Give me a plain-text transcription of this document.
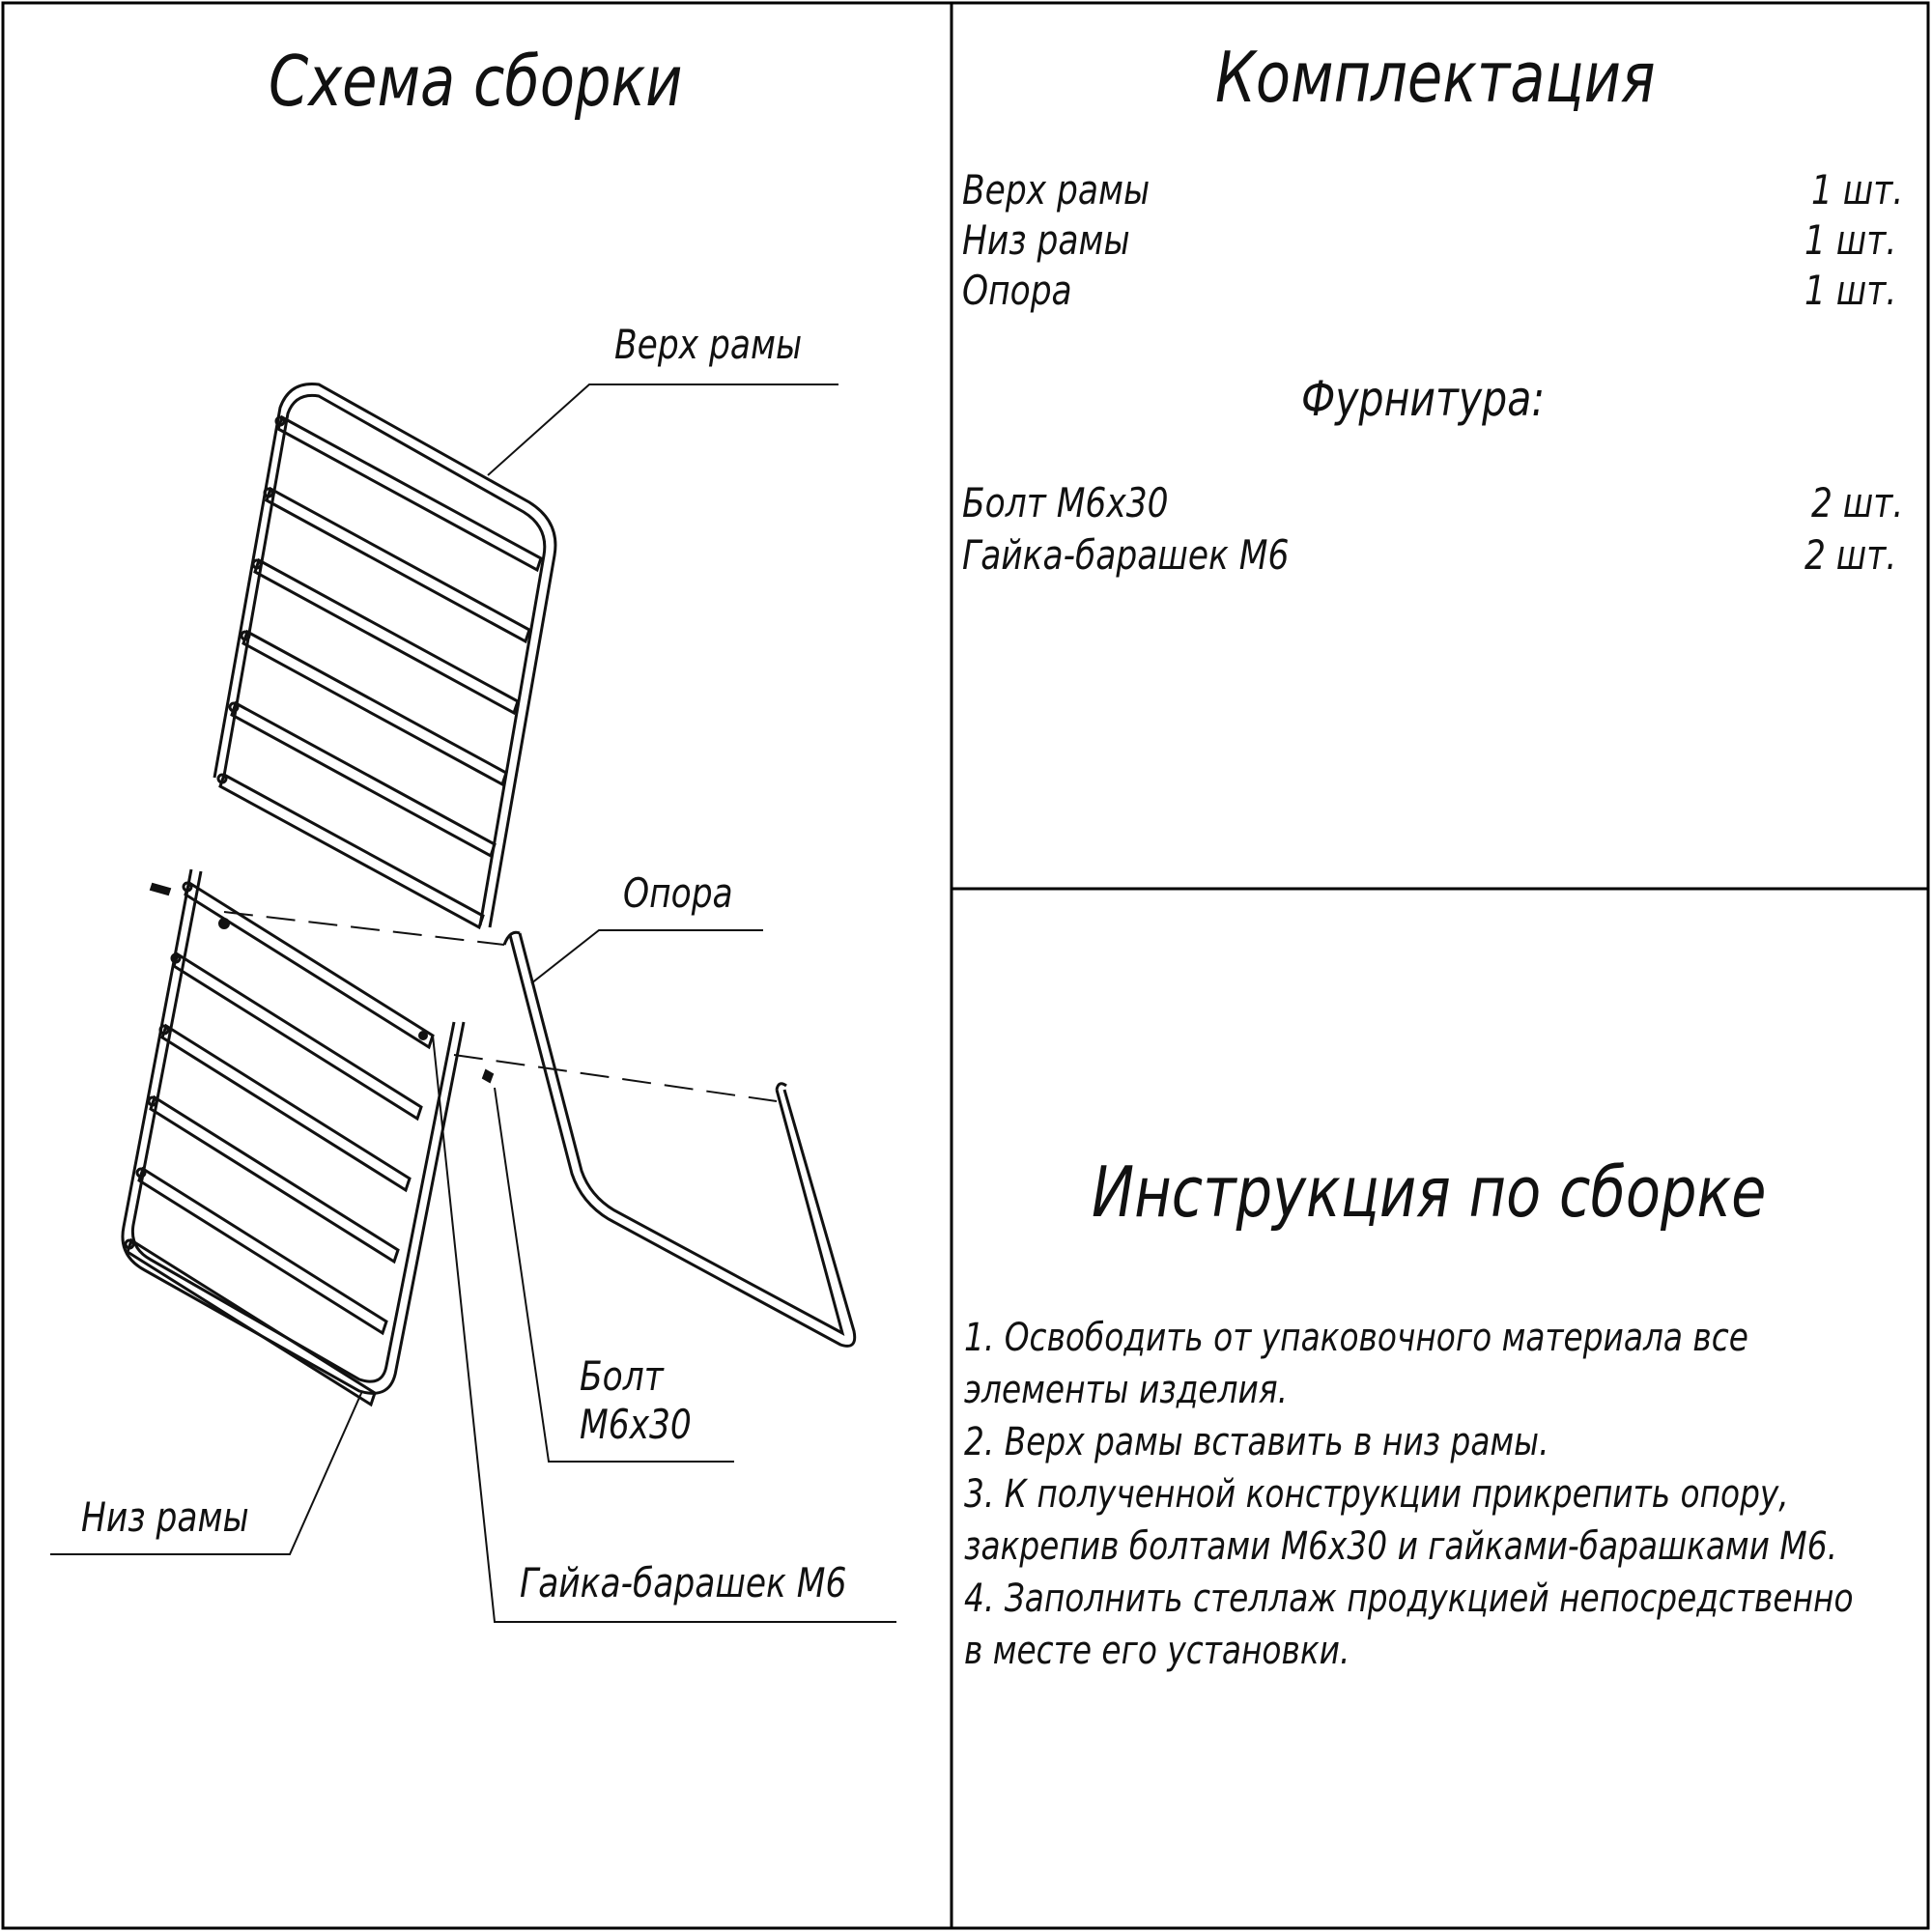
Схема сборки
Верх рамы
Опора
Болт
М6х30
Низ рамы
Гайка-барашек М6
Комплектация
Верх рамы	1 шт.
Низ рамы	1 шт.
Опора	1 шт.
Фурнитура:
Болт М6х30	2 шт.
Гайка-барашек М6	2 шт.
Инструкция по сборке
1. Освободить от упаковочного материала все
элементы изделия.
2. Верх рамы вставить в низ рамы.
3. К полученной конструкции прикрепить опору,
закрепив болтами М6х30 и гайками-барашками М6.
4. Заполнить стеллаж продукцией непосредственно
в месте его установки.
